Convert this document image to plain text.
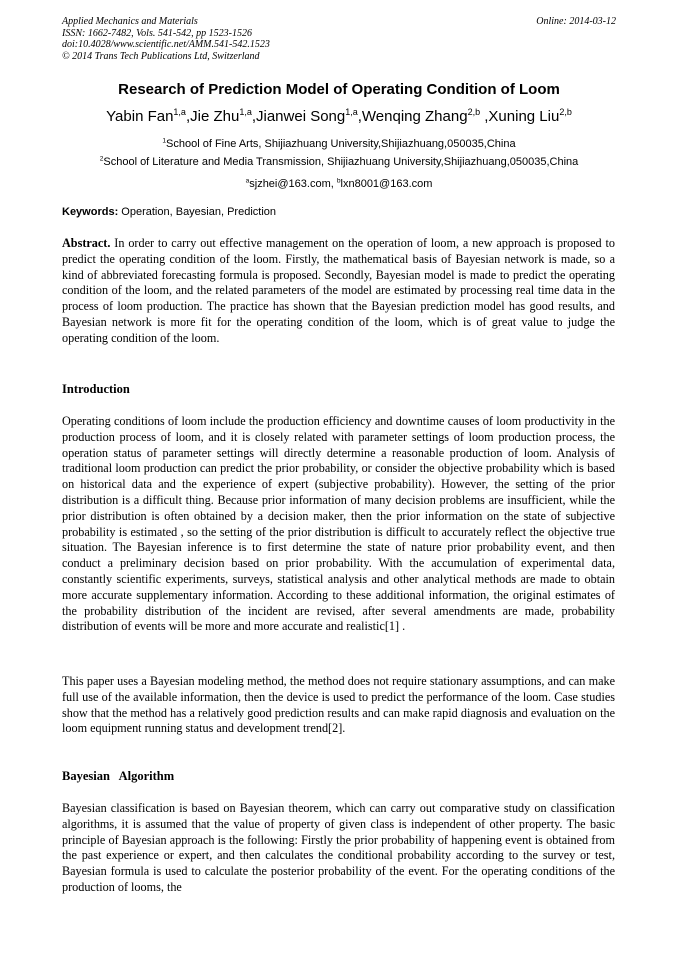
Applied Mechanics and Materials
ISSN: 1662-7482, Vols. 541-542, pp 1523-1526
doi:10.4028/www.scientific.net/AMM.541-542.1523
© 2014 Trans Tech Publications Ltd, Switzerland
Online: 2014-03-12
Research of Prediction Model of Operating Condition of Loom
Yabin Fan$^{1,a}$,Jie Zhu$^{1,a}$,Jianwei Song$^{1,a}$,Wenqing Zhang$^{2,b}$ ,Xuning Liu$^{2,b}$
$^1$School of Fine Arts, Shijiazhuang University,Shijiazhuang,050035,China
$^2$School of Literature and Media Transmission, Shijiazhuang University,Shijiazhuang,050035,China
$^a$sjzhei@163.com, $^b$lxn8001@163.com
Keywords: Operation, Bayesian, Prediction

Abstract. In order to carry out effective management on the operation of loom, a new approach is proposed to predict the operating condition of the loom. Firstly, the mathematical basis of Bayesian network is made, so a kind of abbreviated forecasting formula is proposed. Secondly, Bayesian model is made to predict the operating condition of the loom, and the related parameters of the model are estimated by processing real time data in the process of loom production. The practice has shown that the Bayesian prediction model has good results, and Bayesian network is more fit for the operating condition of the loom, which is of great value to judge the operating condition of the loom.

Introduction

Operating conditions of loom include the production efficiency and downtime causes of loom productivity in the production process of loom, and it is closely related with parameter settings of loom production process, the operation status of parameter settings will directly determine a reasonable production of loom. Analysis of traditional loom production can predict the prior probability, or consider the objective probability which is based on historical data and the experience of expert (subjective probability). However, the setting of the prior distribution is a difficult thing. Because prior information of many decision problems are insufficient, while the prior distribution is often obtained by a decision maker, then the prior information on the state of subjective probability is estimated , so the setting of the prior distribution is difficult to accurately reflect the objective true situation. The Bayesian inference is to first determine the state of nature prior probability event, and then conduct a preliminary decision based on prior probability. With the accumulation of experimental data, constantly scientific experiments, surveys, statistical analysis and other analytical methods are made to obtain more accurate supplementary information. According to these additional information, the original estimates of the probability distribution of the incident are revised, after several amendments are made, probability distribution of events will be more and more accurate and realistic[1] .

This paper uses a Bayesian modeling method, the method does not require stationary assumptions, and can make full use of the available information, then the device is used to predict the performance of the loom. Case studies show that the method has a relatively good prediction results and can make rapid diagnosis and evaluation on the loom equipment running status and development trend[2].

Bayesian   Algorithm

Bayesian classification is based on Bayesian theorem, which can carry out comparative study on classification algorithms, it is assumed that the value of property of given class is independent of other property. The basic principle of Bayesian approach is the following: Firstly the prior probability of happening event is obtained from the past experience or expert, and then calculates the conditional probability according to the survey or test, Bayesian formula is used to calculate the posterior probability of the event. For the operating conditions of the production of looms, the
